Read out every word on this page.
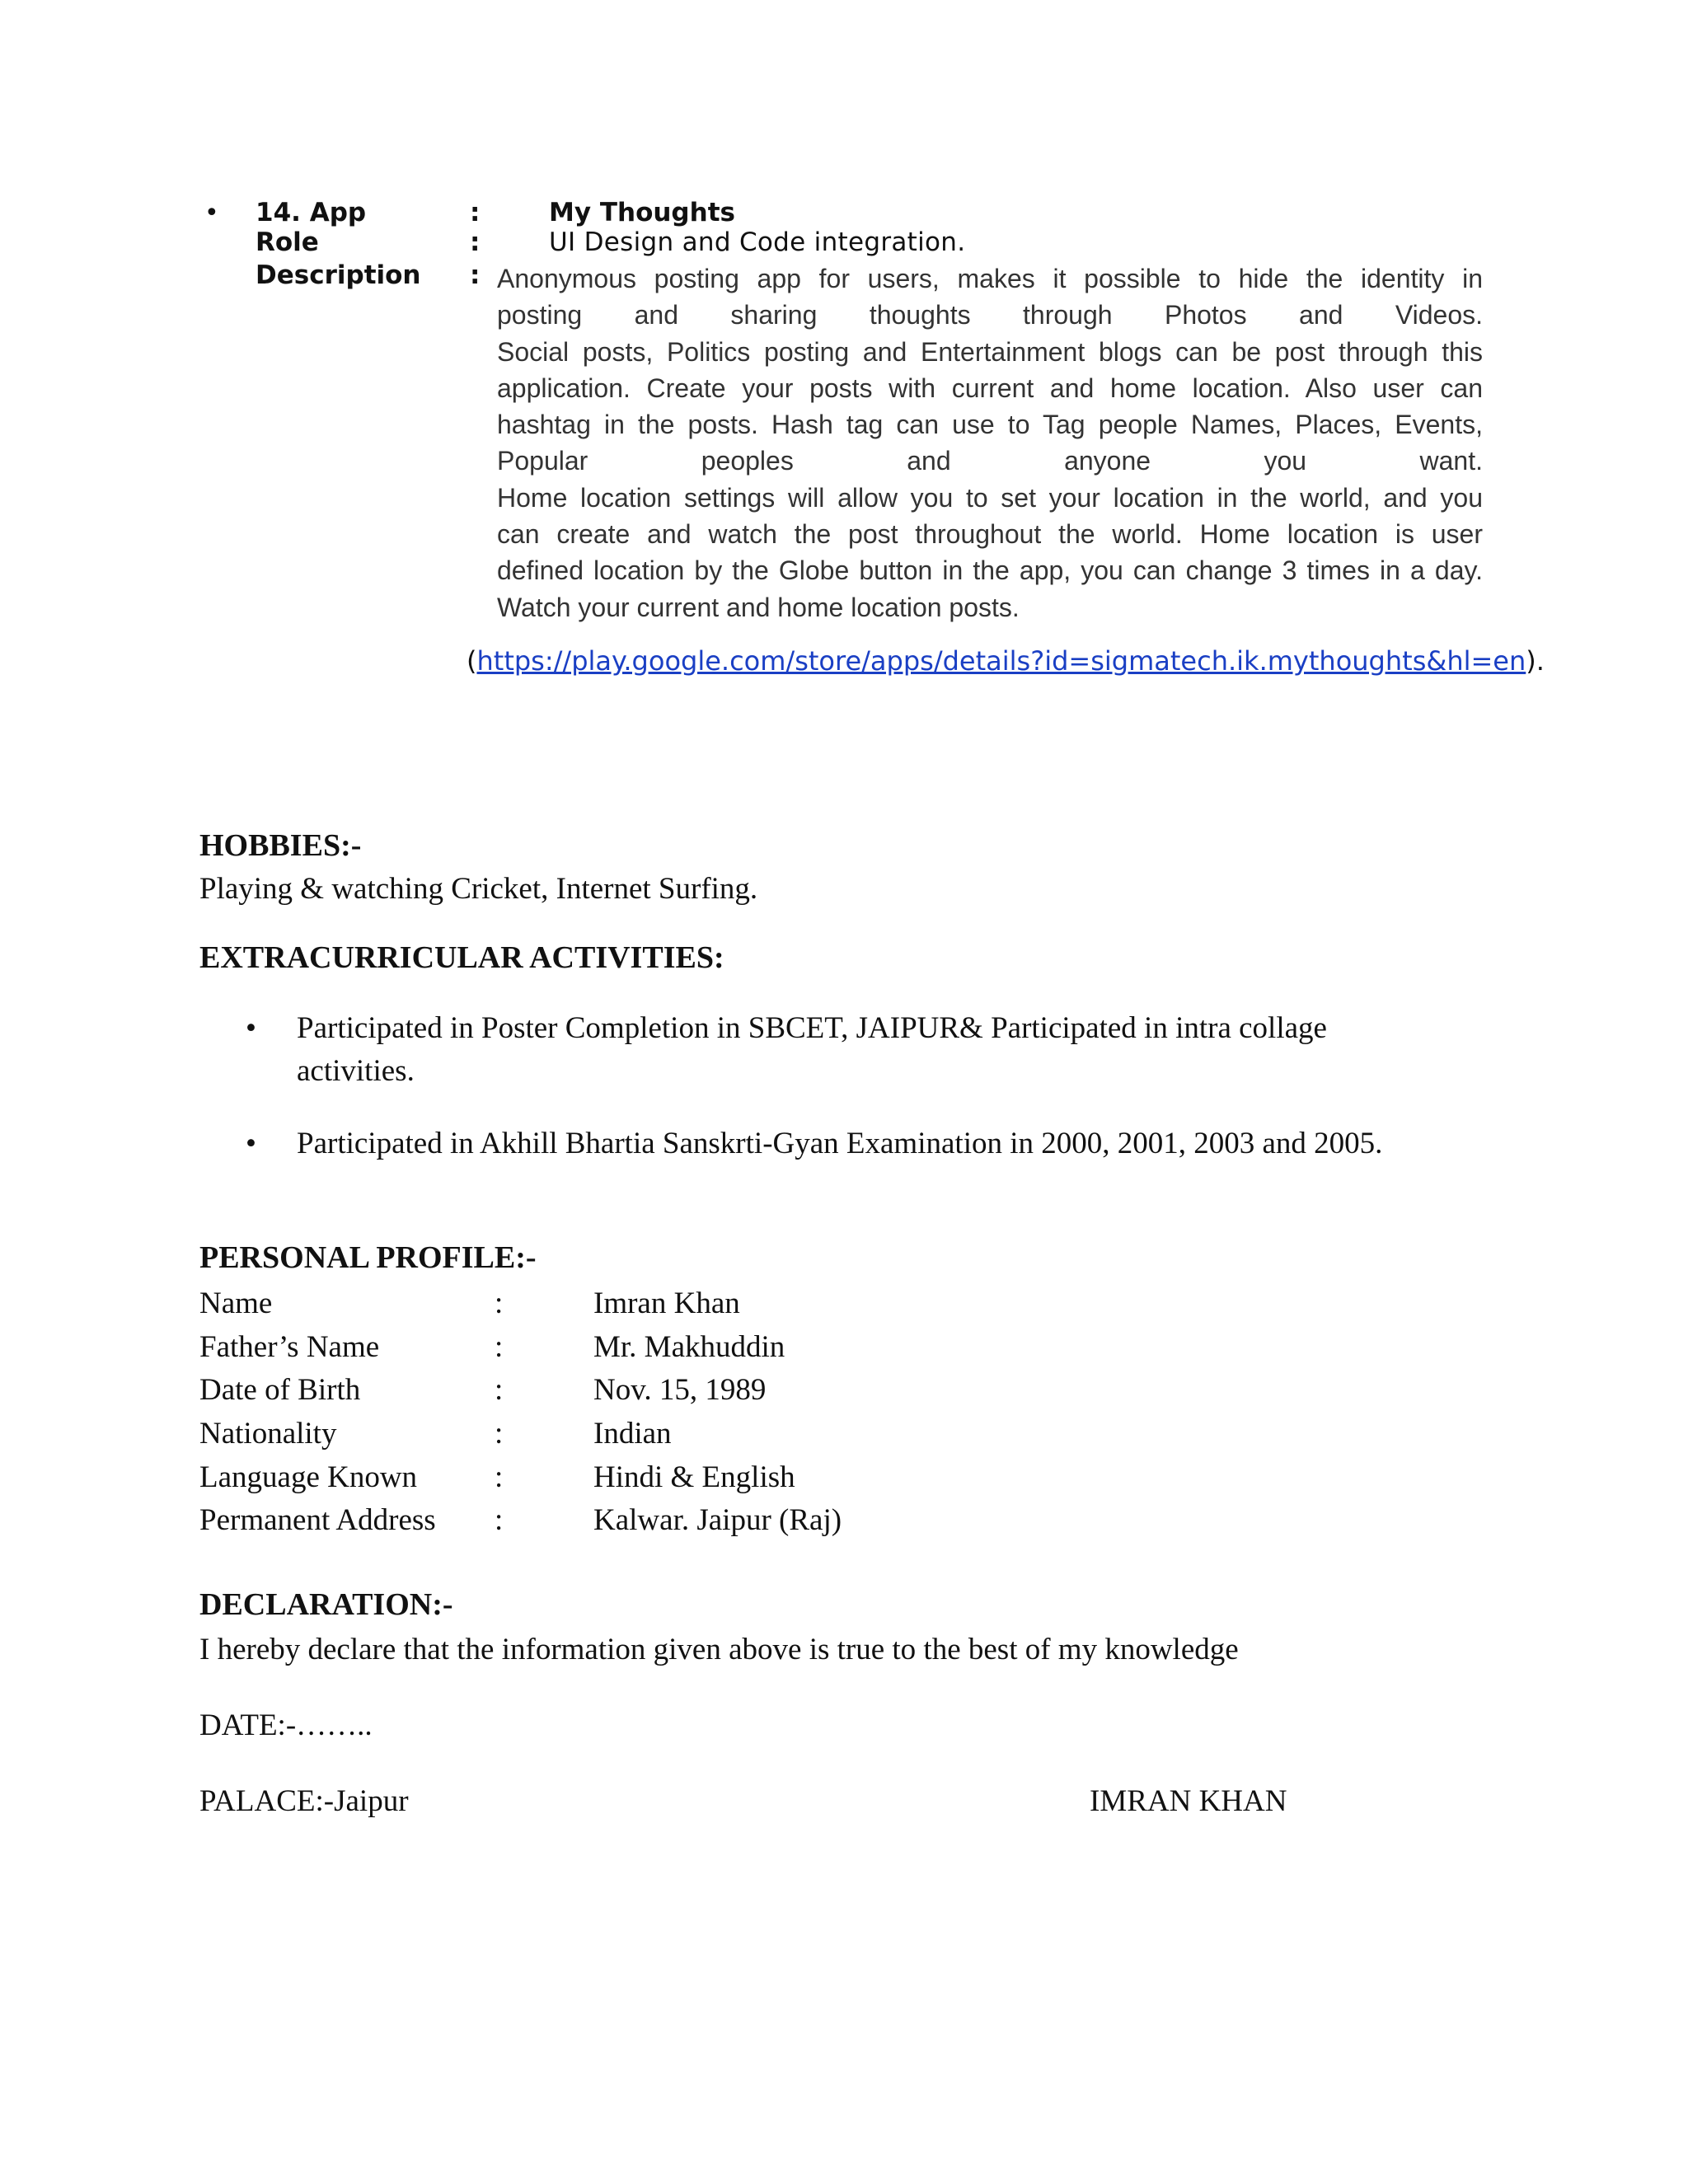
• 14. App	:	My Thoughts
Role	:	UI Design and Code integration.
Description : Anonymous posting app for users, makes it possible to hide the identity in

posting and sharing thoughts through Photos and Videos.

Social posts, Politics posting and Entertainment blogs can be post through this

application. Create your posts with current and home location. Also user can

hashtag in the posts. Hash tag can use to Tag people Names, Places, Events,

Popular peoples and anyone you want.

Home location settings will allow you to set your location in the world, and you

can create and watch the post throughout the world. Home location is user

defined location by the Globe button in the app, you can change 3 times in a day.

Watch your current and home location posts.

(https://play.google.com/store/apps/details?id=sigmatech.ik.mythoughts&hl=en).
HOBBIES:-
Playing & watching Cricket, Internet Surfing.
EXTRACURRICULAR ACTIVITIES:
• Participated in Poster Completion in SBCET, JAIPUR& Participated in intra collage
activities.
• Participated in Akhill Bhartia Sanskrti-Gyan Examination in 2000, 2001, 2003 and 2005.
PERSONAL PROFILE:-
Name	:	Imran Khan
Father’s Name	:	Mr. Makhuddin
Date of Birth	:	Nov. 15, 1989
Nationality	:	Indian
Language Known	:	Hindi & English
Permanent Address :	Kalwar. Jaipur (Raj)
DECLARATION:-
I hereby declare that the information given above is true to the best of my knowledge
DATE:-……..
PALACE:-Jaipur	IMRAN KHAN
